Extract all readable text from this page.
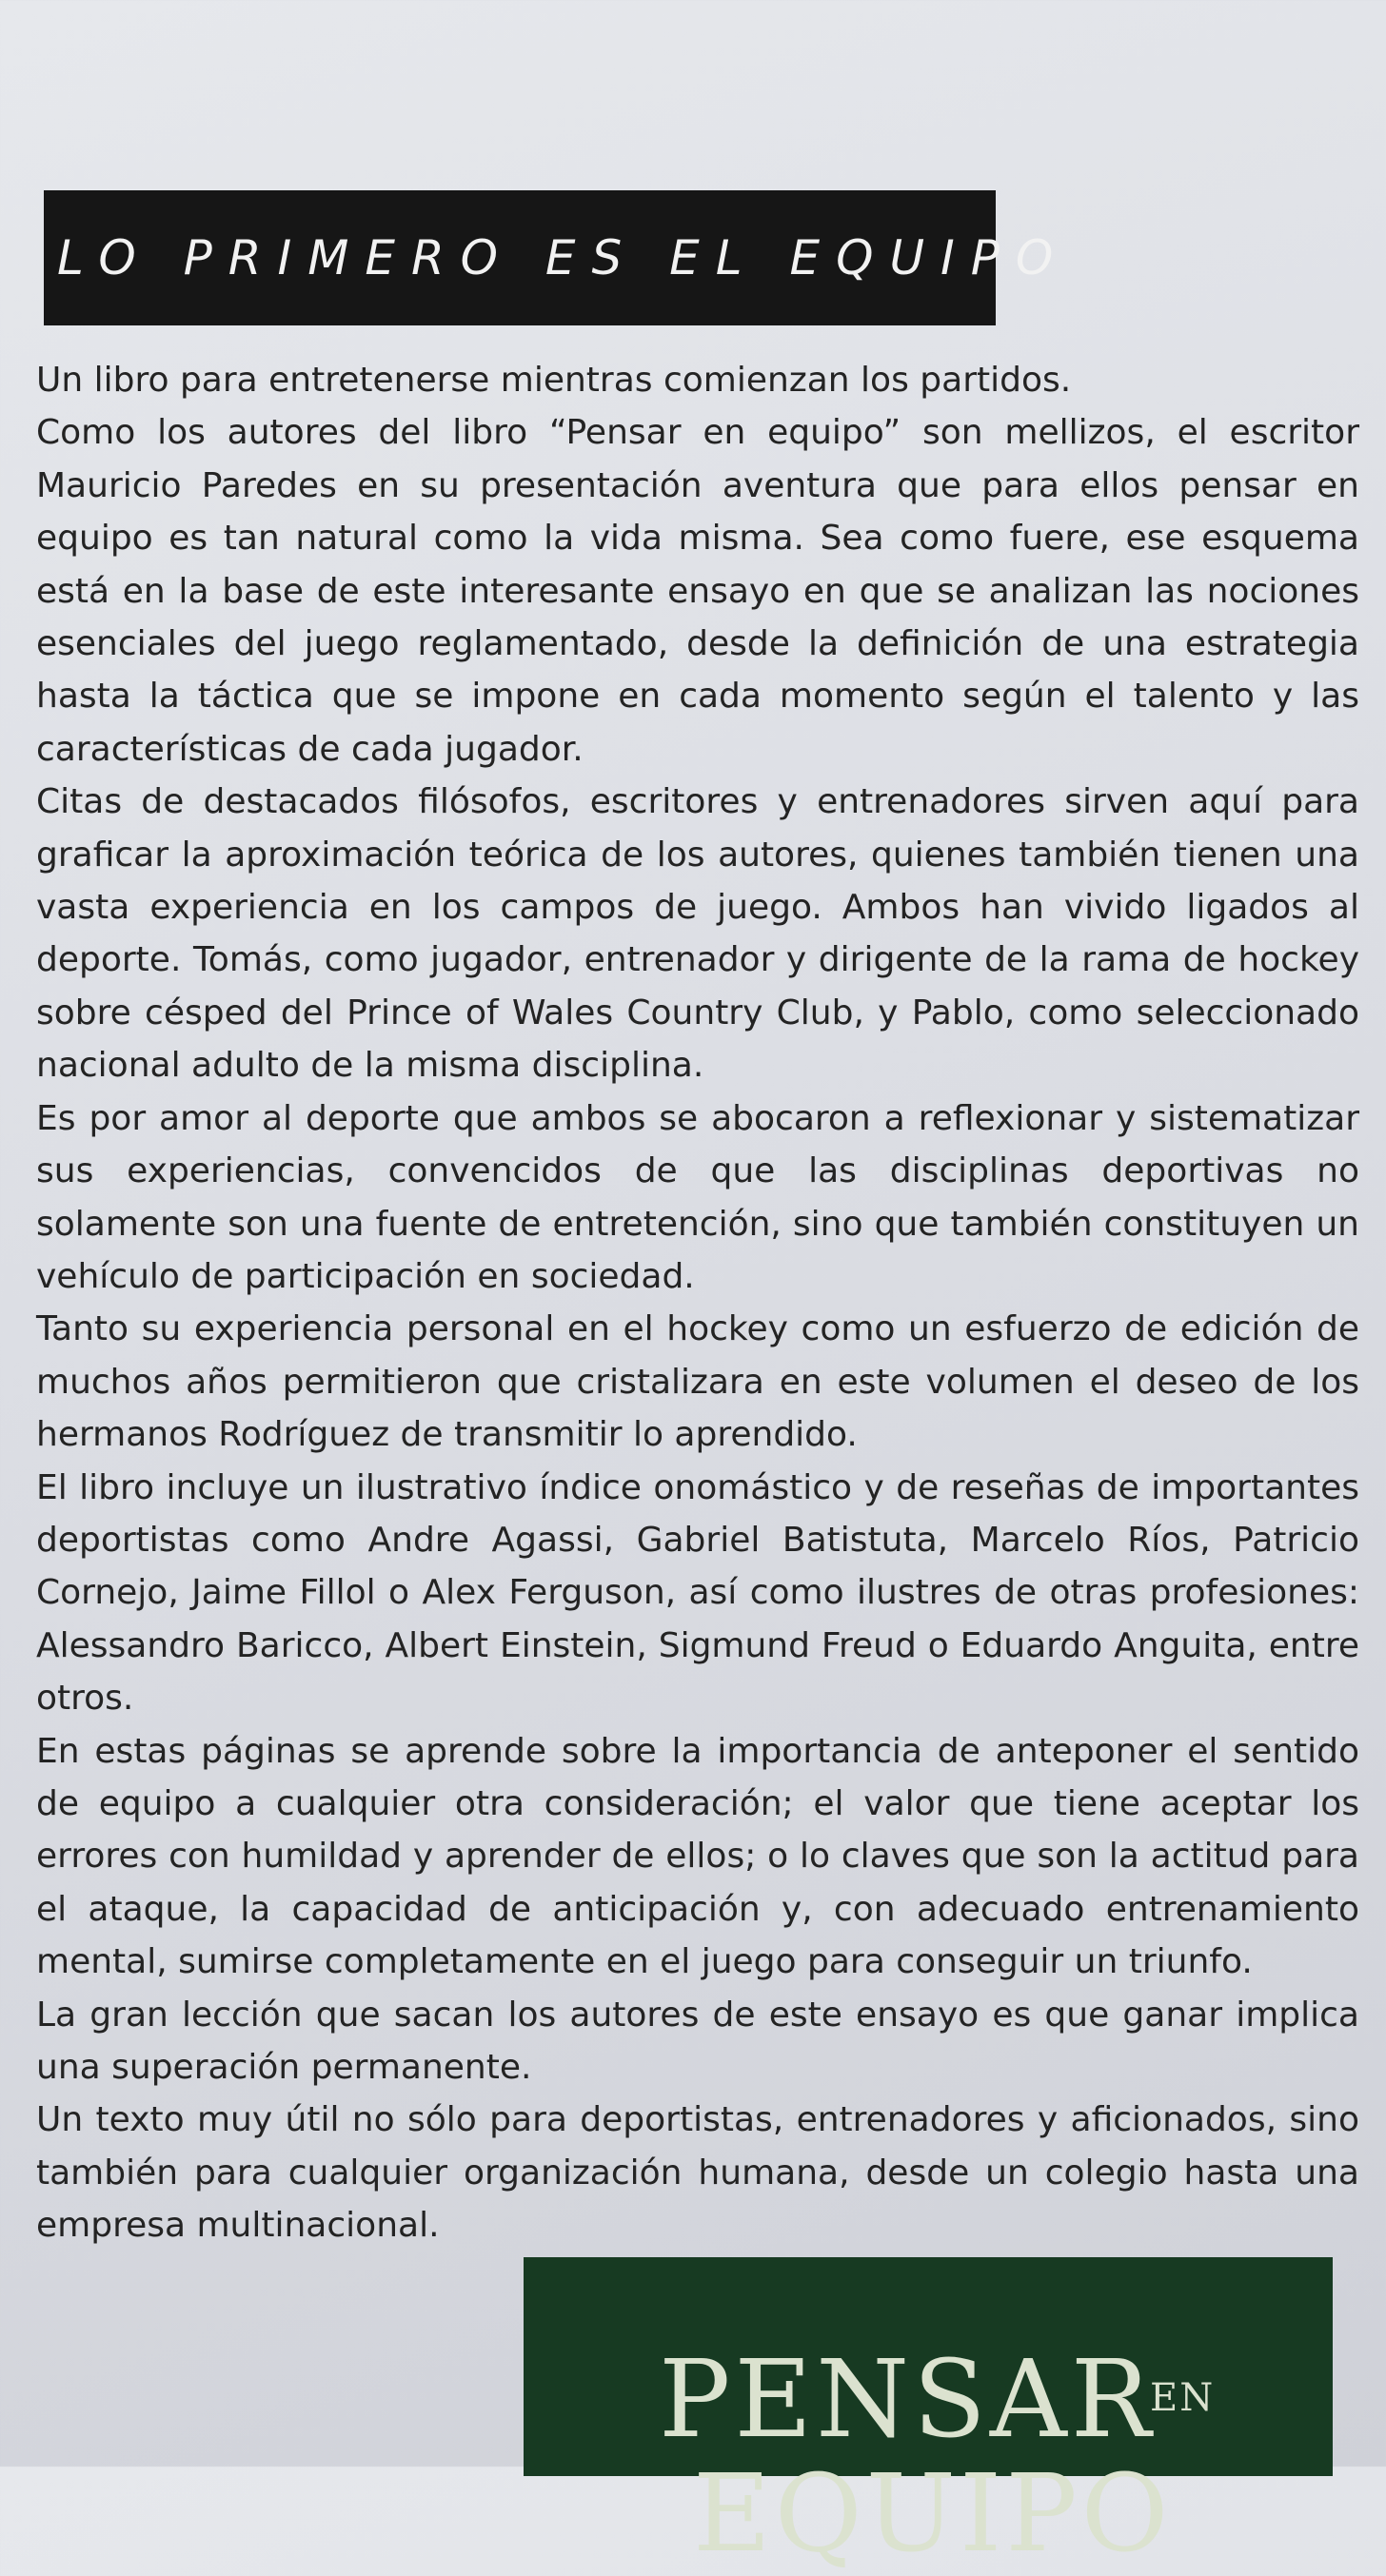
LO PRIMERO ES EL EQUIPO

Un libro para entretenerse mientras comienzan los partidos.

Como los autores del libro “Pensar en equipo” son mellizos, el escritor Mauricio Paredes en su presentación aventura que para ellos pensar en equipo es tan natural como la vida misma. Sea como fuere, ese esquema está en la base de este interesante ensayo en que se analizan las nociones esenciales del juego reglamentado, desde la definición de una estrategia hasta la táctica que se impone en cada momento según el talento y las características de cada jugador.

Citas de destacados filósofos, escritores y entrenadores sirven aquí para graficar la aproximación teórica de los autores, quienes también tienen una vasta experiencia en los campos de juego. Ambos han vivido ligados al deporte. Tomás, como jugador, entrenador y dirigente de la rama de hockey sobre césped del Prince of Wales Country Club, y Pablo, como seleccionado nacional adulto de la misma disciplina.

Es por amor al deporte que ambos se abocaron a reflexionar y sistematizar sus experiencias, convencidos de que las disciplinas deportivas no solamente son una fuente de entretención, sino que también constituyen un vehículo de participación en sociedad.

Tanto su experiencia personal en el hockey como un esfuerzo de edición de muchos años permitieron que cristalizara en este volumen el deseo de los hermanos Rodríguez de transmitir lo aprendido.

El libro incluye un ilustrativo índice onomástico y de reseñas de importantes deportistas como Andre Agassi, Gabriel Batistuta, Marcelo Ríos, Patricio Cornejo, Jaime Fillol o Alex Ferguson, así como ilustres de otras profesiones: Alessandro Baricco, Albert Einstein, Sigmund Freud o Eduardo Anguita, entre otros.

En estas páginas se aprende sobre la importancia de anteponer el sentido de equipo a cualquier otra consideración; el valor que tiene aceptar los errores con humildad y aprender de ellos; o lo claves que son la actitud para el ataque, la capacidad de anticipación y, con adecuado entrenamiento mental, sumirse completamente en el juego para conseguir un triunfo.

La gran lección que sacan los autores de este ensayo es que ganar implica una superación permanente.

Un texto muy útil no sólo para deportistas, entrenadores y aficionados, sino también para cualquier organización humana, desde un colegio hasta una empresa multinacional.

PENSAR
EN
EQUIPO
